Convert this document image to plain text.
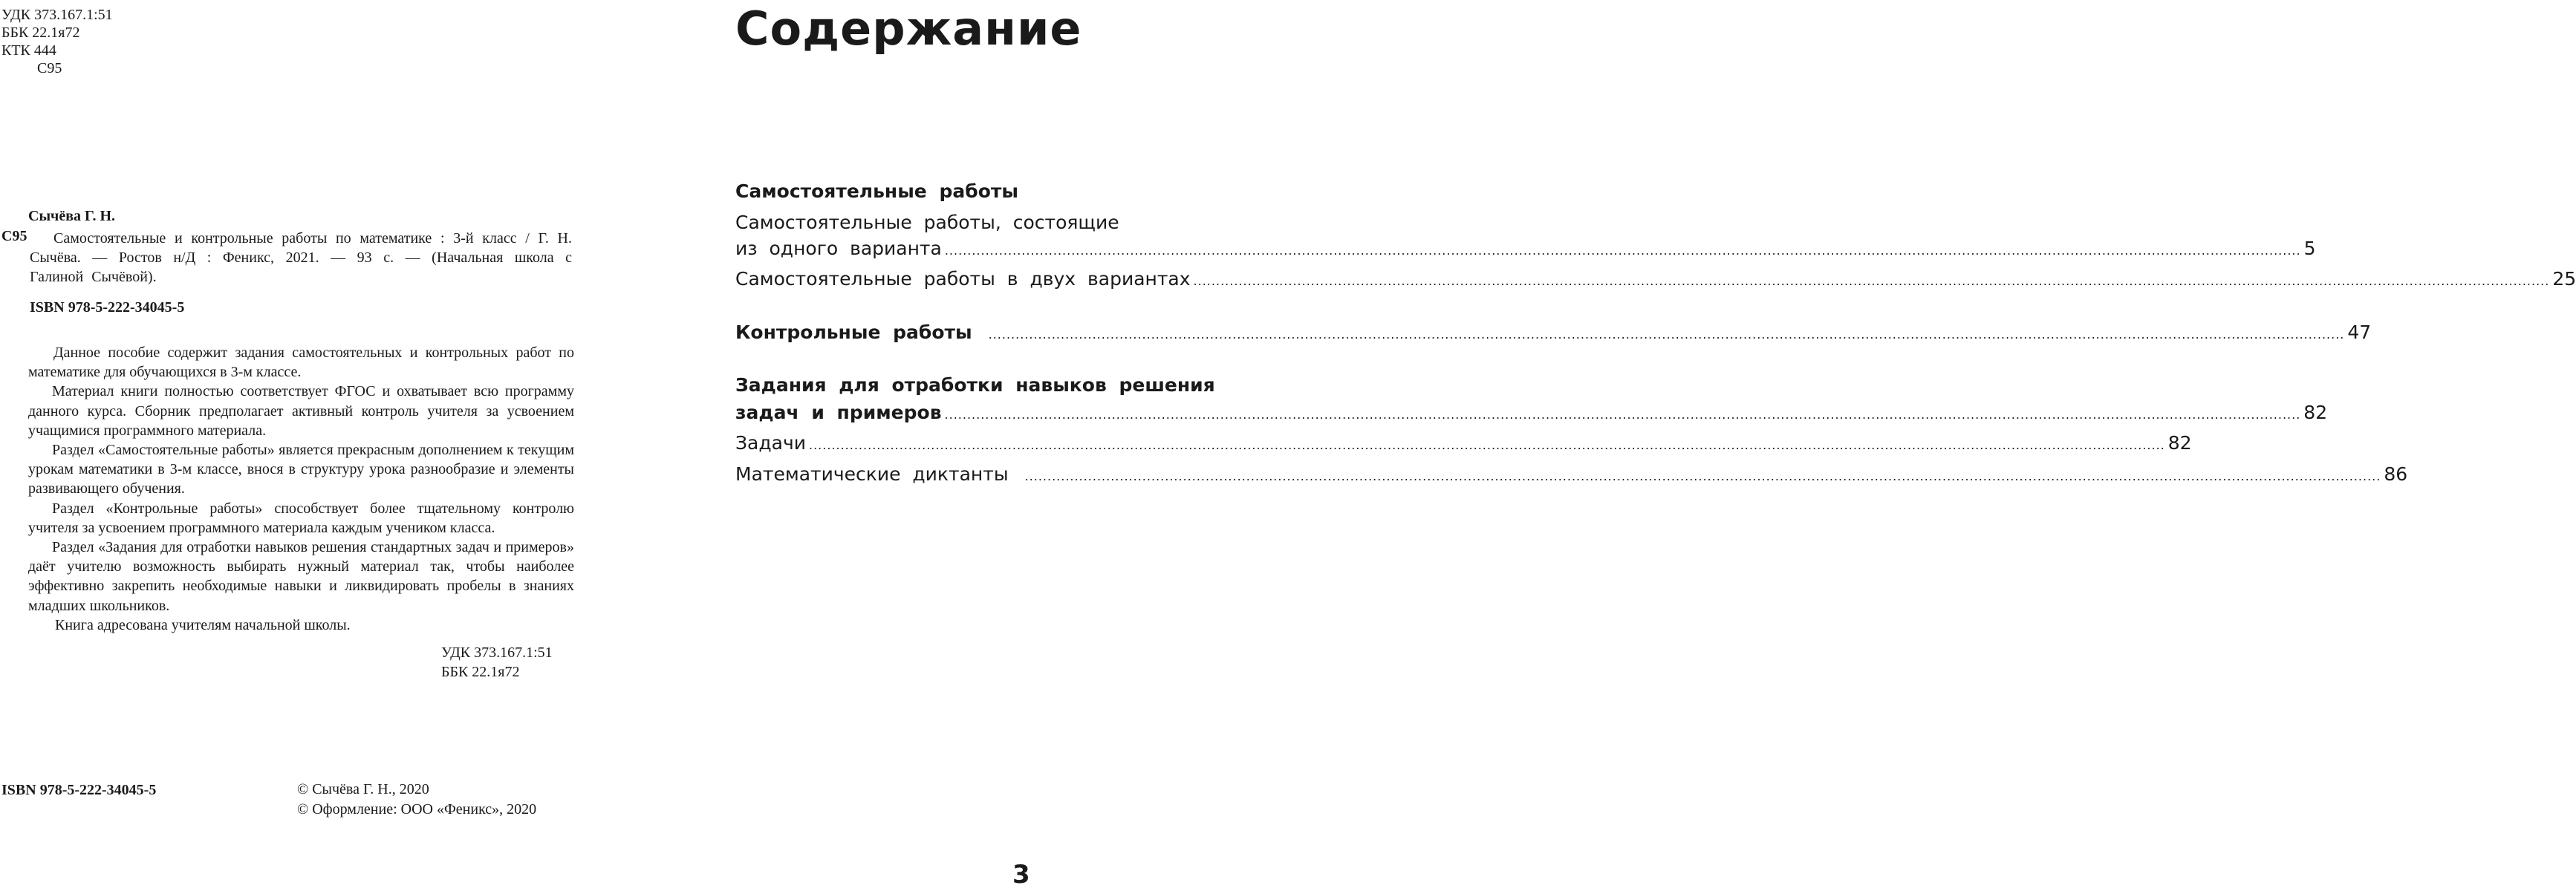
УДК 373.167.1:51
ББК 22.1я72
КТК 444
С95
Сычёва Г. Н.
С95	Самостоятельные и контрольные работы по математике : 3-й класс / Г. Н. Сычёва. — Ростов н/Д : Феникс, 2021. — 93 с. — (Начальная школа с Галиной Сычёвой).
ISBN 978-5-222-34045-5

Данное пособие содержит задания самостоятельных и контрольных работ по математике для обучающихся в 3-м классе.

Материал книги полностью соответствует ФГОС и охватывает всю программу данного курса. Сборник предполагает активный контроль учителя за усвоением учащимися программного материала.

Раздел «Самостоятельные работы» является прекрасным дополнением к текущим урокам математики в 3-м классе, внося в структуру урока разнообразие и элементы развивающего обучения.

Раздел «Контрольные работы» способствует более тщательному контролю учителя за усвоением программного материала каждым учеником класса.

Раздел «Задания для отработки навыков решения стандартных задач и примеров» даёт учителю возможность выбирать нужный материал так, чтобы наиболее эффективно закрепить необходимые навыки и ликвидировать пробелы в знаниях младших школьников.

Книга адресована учителям начальной школы.

УДК 373.167.1:51
ББК 22.1я72
ISBN 978-5-222-34045-5	© Сычёва Г. Н., 2020
© Оформление: ООО «Феникс», 2020
Содержание
Самостоятельные работы
Самостоятельные работы, состоящие
из одного варианта ............................................................................................................................................................................................................................................................................................................ 5
Самостоятельные работы в двух вариантах ............................................................................................................................................................................................................................................................................................................ 25
Контрольные работы ............................................................................................................................................................................................................................................................................................................ 47
Задания для отработки навыков решения
задач и примеров ............................................................................................................................................................................................................................................................................................................ 82
Задачи ............................................................................................................................................................................................................................................................................................................ 82
Математические диктанты ............................................................................................................................................................................................................................................................................................................ 86
3
